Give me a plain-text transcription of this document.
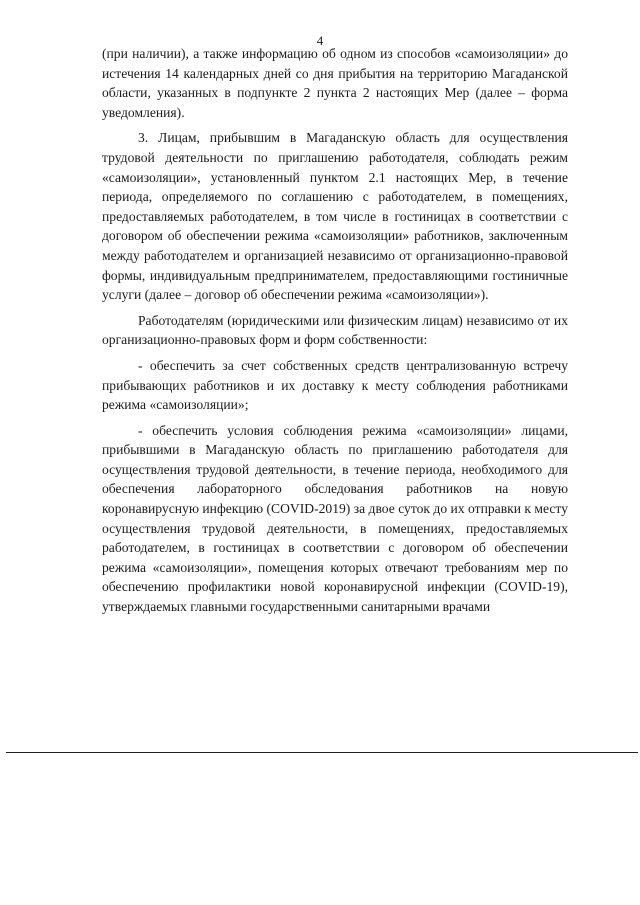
4

(при наличии), а также информацию об одном из способов «самоизоляции» до истечения 14 календарных дней со дня прибытия на территорию Магаданской области, указанных в подпункте 2 пункта 2 настоящих Мер (далее – форма уведомления).

3. Лицам, прибывшим в Магаданскую область для осуществления трудовой деятельности по приглашению работодателя, соблюдать режим «самоизоляции», установленный пунктом 2.1 настоящих Мер, в течение периода, определяемого по соглашению с работодателем, в помещениях, предоставляемых работодателем, в том числе в гостиницах в соответствии с договором об обеспечении режима «самоизоляции» работников, заключенным между работодателем и организацией независимо от организационно-правовой формы, индивидуальным предпринимателем, предоставляющими гостиничные услуги (далее – договор об обеспечении режима «самоизоляции»).

Работодателям (юридическими или физическим лицам) независимо от их организационно-правовых форм и форм собственности:

- обеспечить за счет собственных средств централизованную встречу прибывающих работников и их доставку к месту соблюдения работниками режима «самоизоляции»;

- обеспечить условия соблюдения режима «самоизоляции» лицами, прибывшими в Магаданскую область по приглашению работодателя для осуществления трудовой деятельности, в течение периода, необходимого для обеспечения лабораторного обследования работников на новую коронавирусную инфекцию (COVID-2019) за двое суток до их отправки к месту осуществления трудовой деятельности, в помещениях, предоставляемых работодателем, в гостиницах в соответствии с договором об обеспечении режима «самоизоляции», помещения которых отвечают требованиям мер по обеспечению профилактики новой коронавирусной инфекции (COVID-19), утверждаемых главными государственными санитарными врачами
